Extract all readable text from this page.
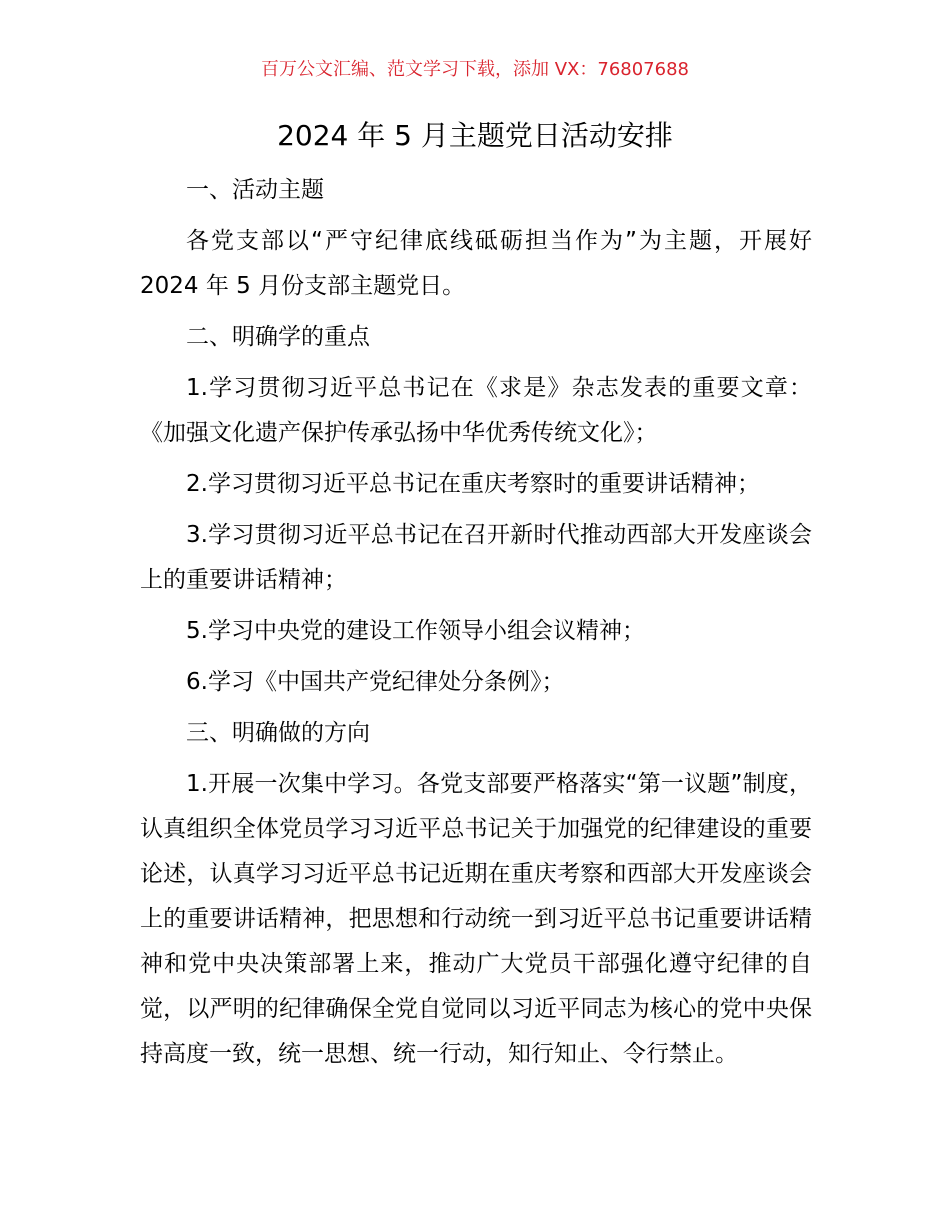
百万公文汇编、范文学习下载，添加 VX：76807688
2024 年 5 月主题党日活动安排

一、活动主题

各党支部以“严守纪律底线砥砺担当作为”为主题，开展好 2024 年 5 月份支部主题党日。

二、明确学的重点

1.学习贯彻习近平总书记在《求是》杂志发表的重要文章：《加强文化遗产保护传承弘扬中华优秀传统文化》；

2.学习贯彻习近平总书记在重庆考察时的重要讲话精神；

3.学习贯彻习近平总书记在召开新时代推动西部大开发座谈会上的重要讲话精神；

5.学习中央党的建设工作领导小组会议精神；

6.学习《中国共产党纪律处分条例》；

三、明确做的方向

1.开展一次集中学习。各党支部要严格落实“第一议题”制度，认真组织全体党员学习习近平总书记关于加强党的纪律建设的重要论述，认真学习习近平总书记近期在重庆考察和西部大开发座谈会上的重要讲话精神，把思想和行动统一到习近平总书记重要讲话精神和党中央决策部署上来，推动广大党员干部强化遵守纪律的自觉，以严明的纪律确保全党自觉同以习近平同志为核心的党中央保持高度一致，统一思想、统一行动，知行知止、令行禁止。
